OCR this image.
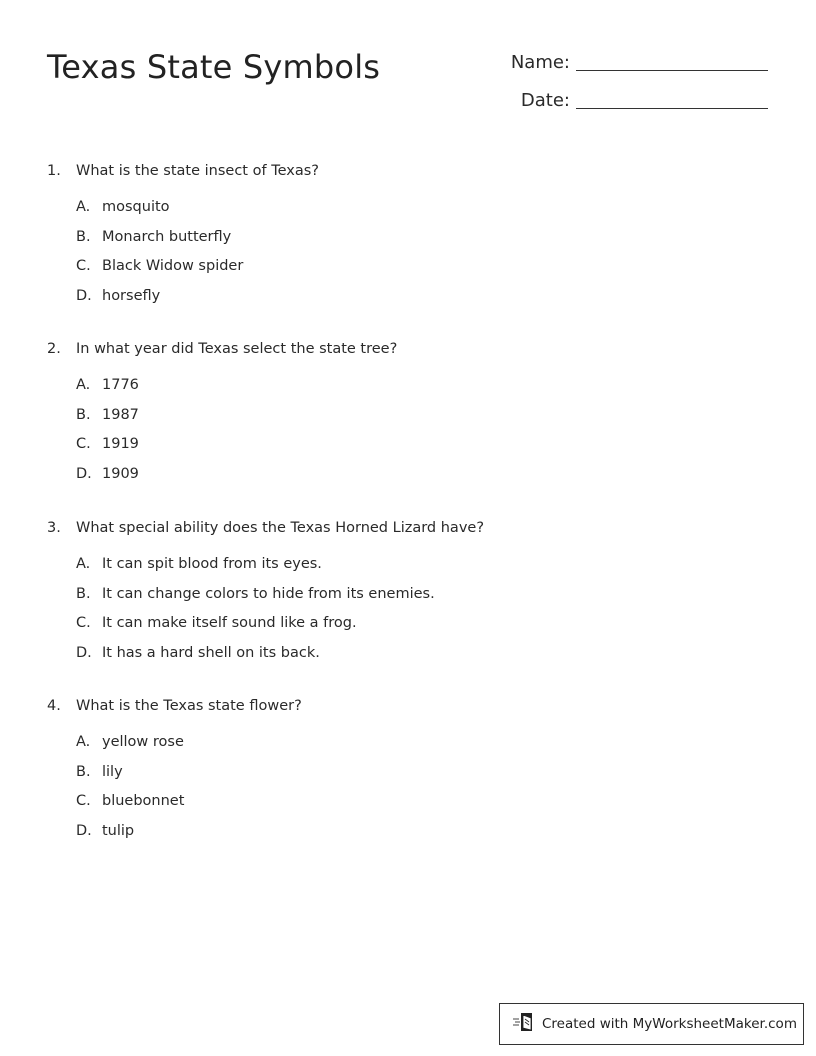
Texas State Symbols	Name:
Date:
1.	What is the state insect of Texas?
A. mosquito
B. Monarch butterfly
C. Black Widow spider
D. horsefly
2.	In what year did Texas select the state tree?
A. 1776
B. 1987
C. 1919
D. 1909
3.	What special ability does the Texas Horned Lizard have?
A. It can spit blood from its eyes.
B. It can change colors to hide from its enemies.
C. It can make itself sound like a frog.
D. It has a hard shell on its back.
4.	What is the Texas state flower?
A. yellow rose
B. lily
C. bluebonnet
D. tulip
Created with MyWorksheetMaker.com
